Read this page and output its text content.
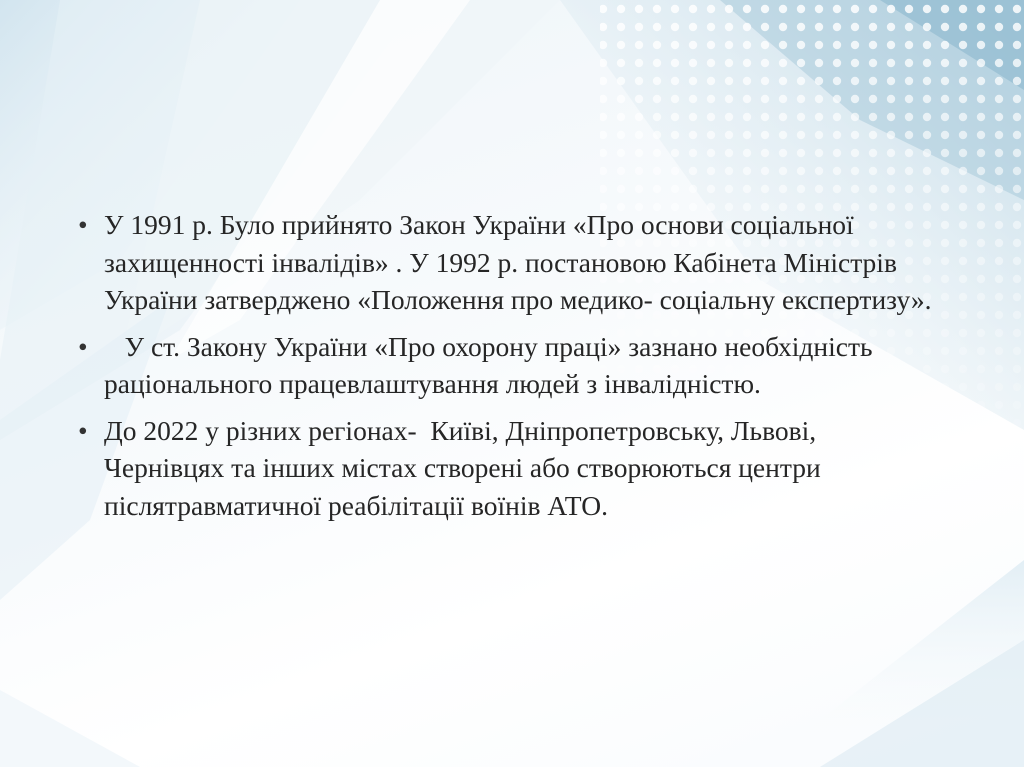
• У 1991 р. Було прийнято Закон України «Про основи соціальної захищенності інвалідів» . У 1992 р. постановою Кабінета Міністрів України затверджено «Положення про медико- соціальну експертизу».
• У ст. Закону України «Про охорону праці» зазнано необхідність раціонального працевлаштування людей з інвалідністю.
• До 2022 у різних регіонах-  Київі, Дніпропетровську, Львові, Чернівцях та інших містах створені або створюються центри післятравматичної реабілітації воїнів АТО.
